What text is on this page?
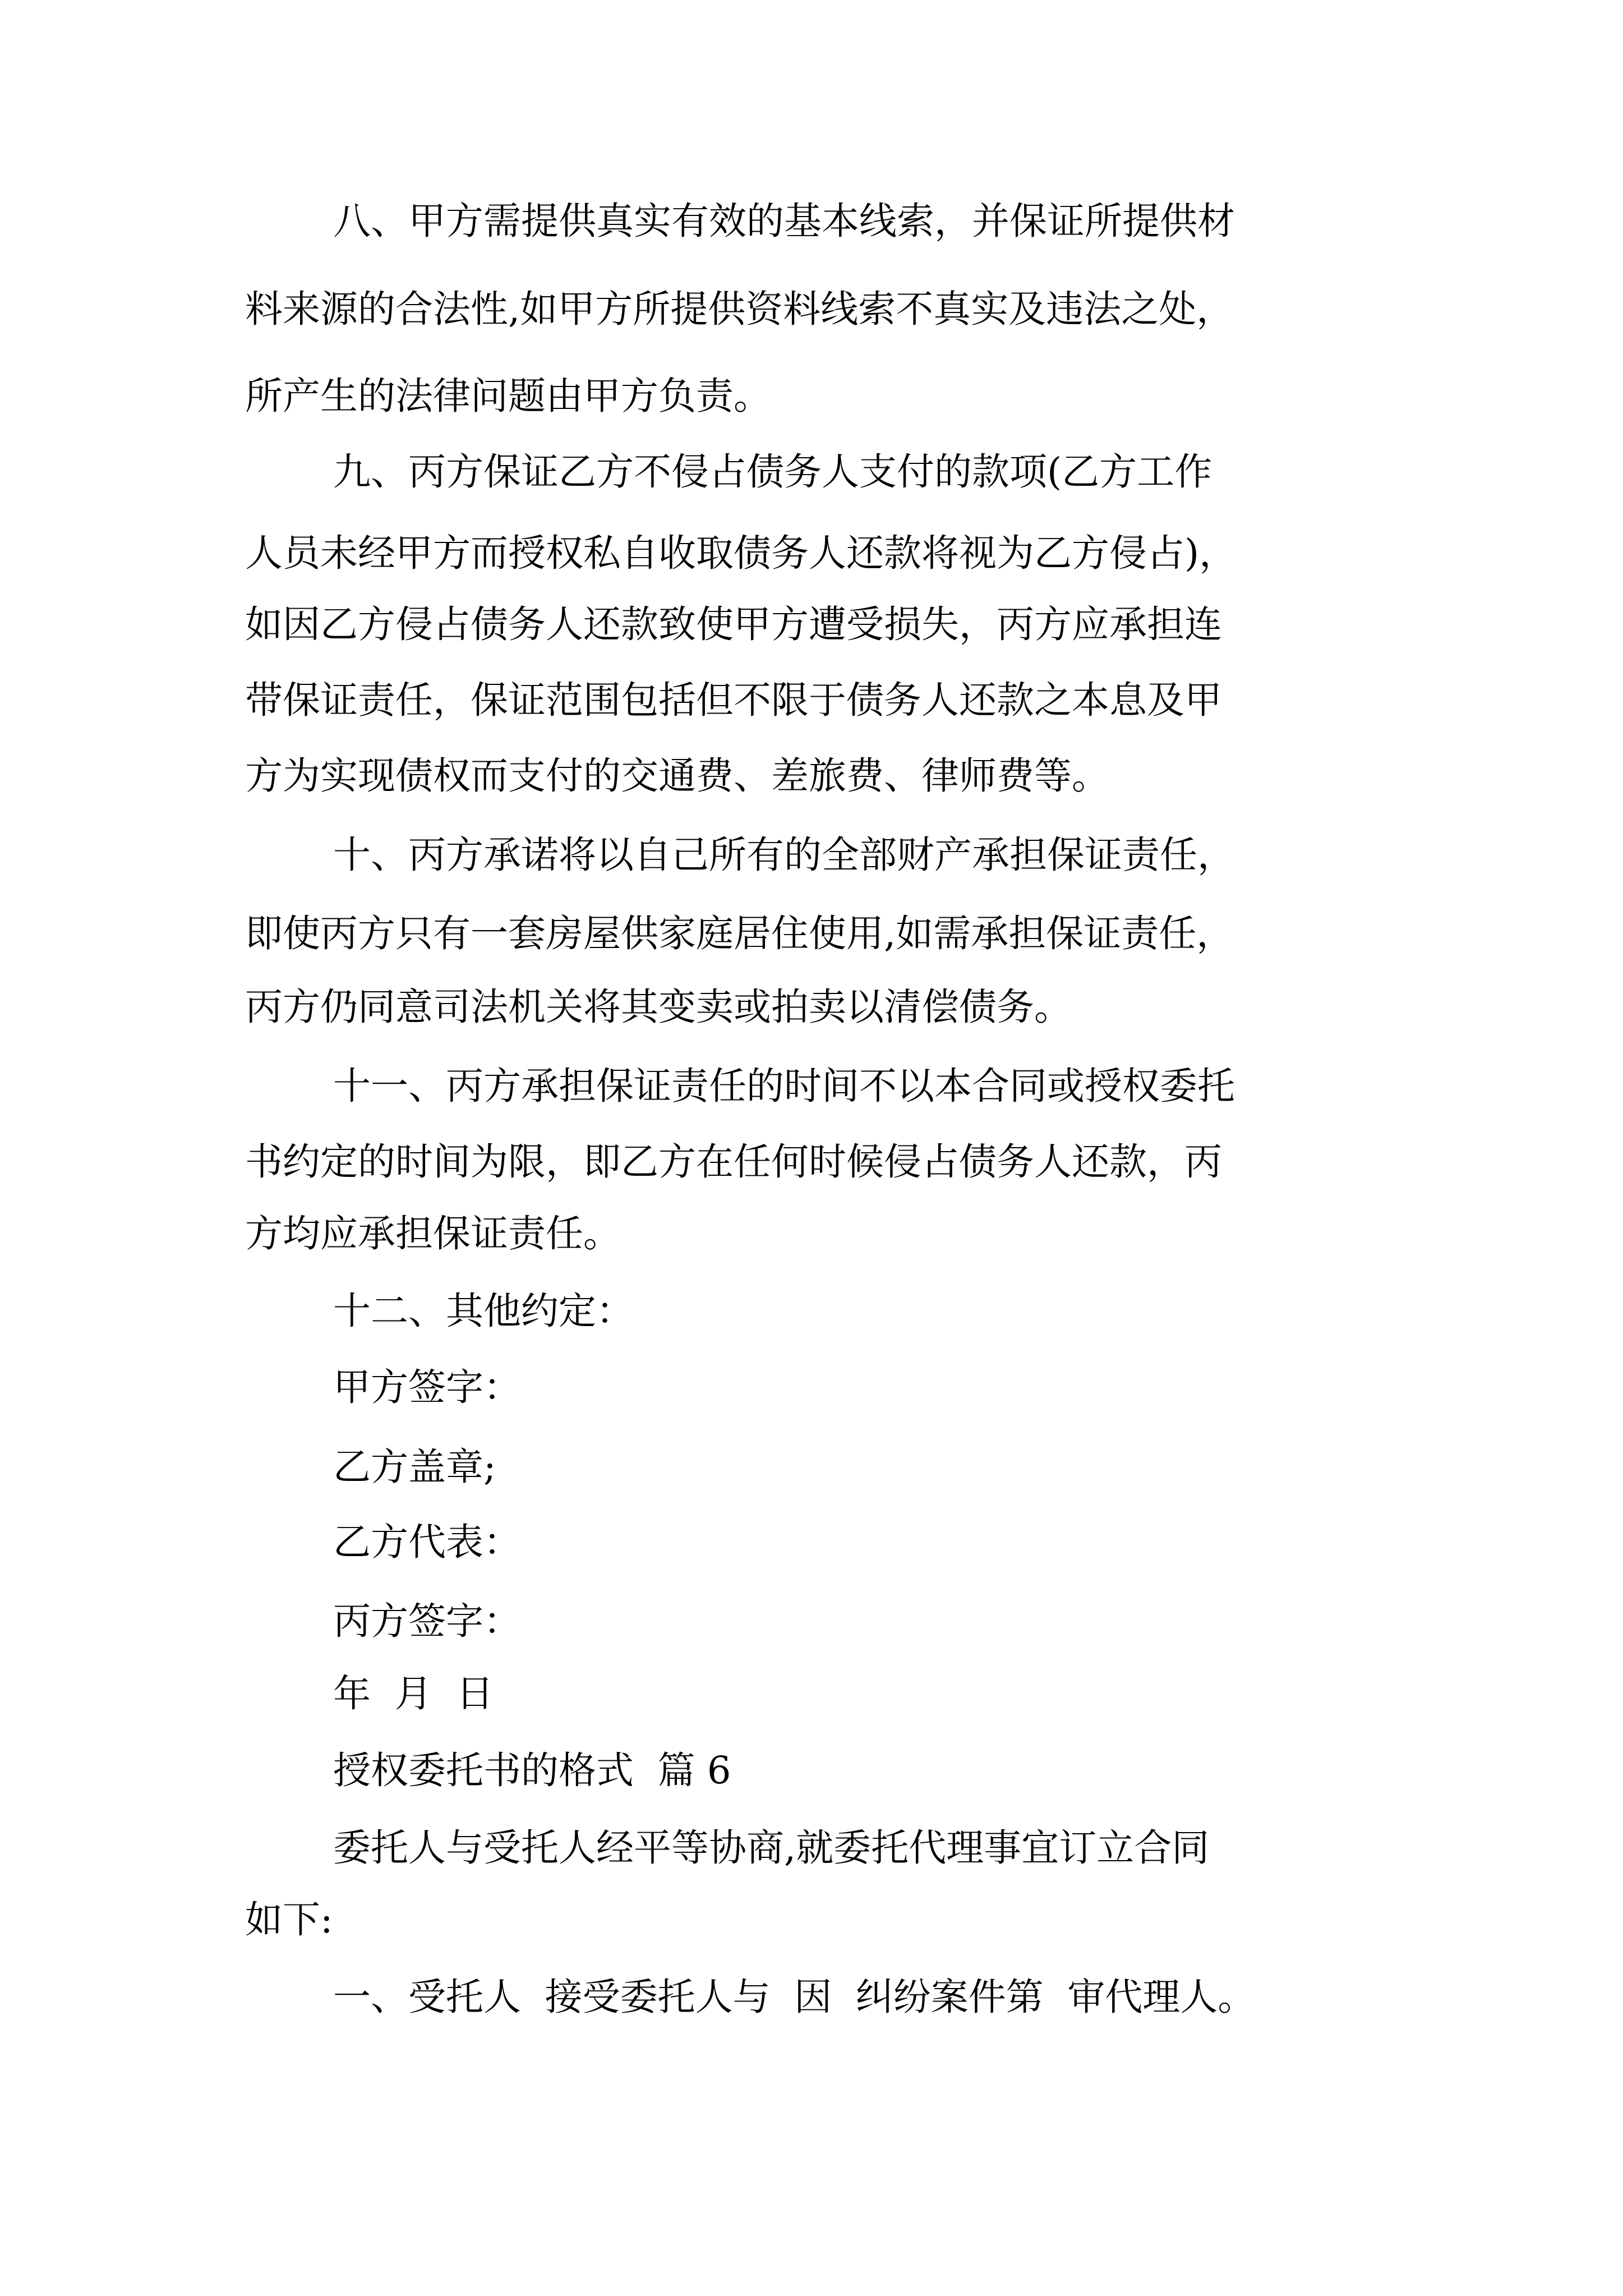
八、甲方需提供真实有效的基本线索，并保证所提供材
料来源的合法性,如甲方所提供资料线索不真实及违法之处，
所产生的法律问题由甲方负责。
九、丙方保证乙方不侵占债务人支付的款项(乙方工作
人员未经甲方而授权私自收取债务人还款将视为乙方侵占)，
如因乙方侵占债务人还款致使甲方遭受损失，丙方应承担连
带保证责任，保证范围包括但不限于债务人还款之本息及甲
方为实现债权而支付的交通费、差旅费、律师费等。
十、丙方承诺将以自己所有的全部财产承担保证责任，
即使丙方只有一套房屋供家庭居住使用,如需承担保证责任，
丙方仍同意司法机关将其变卖或拍卖以清偿债务。
十一、丙方承担保证责任的时间不以本合同或授权委托
书约定的时间为限，即乙方在任何时候侵占债务人还款，丙
方均应承担保证责任。
十二、其他约定：
甲方签字：
乙方盖章;
乙方代表：
丙方签字：
年  月  日
授权委托书的格式  篇 6
委托人与受托人经平等协商,就委托代理事宜订立合同
如下:
一、受托人  接受委托人与  因  纠纷案件第  审代理人。
